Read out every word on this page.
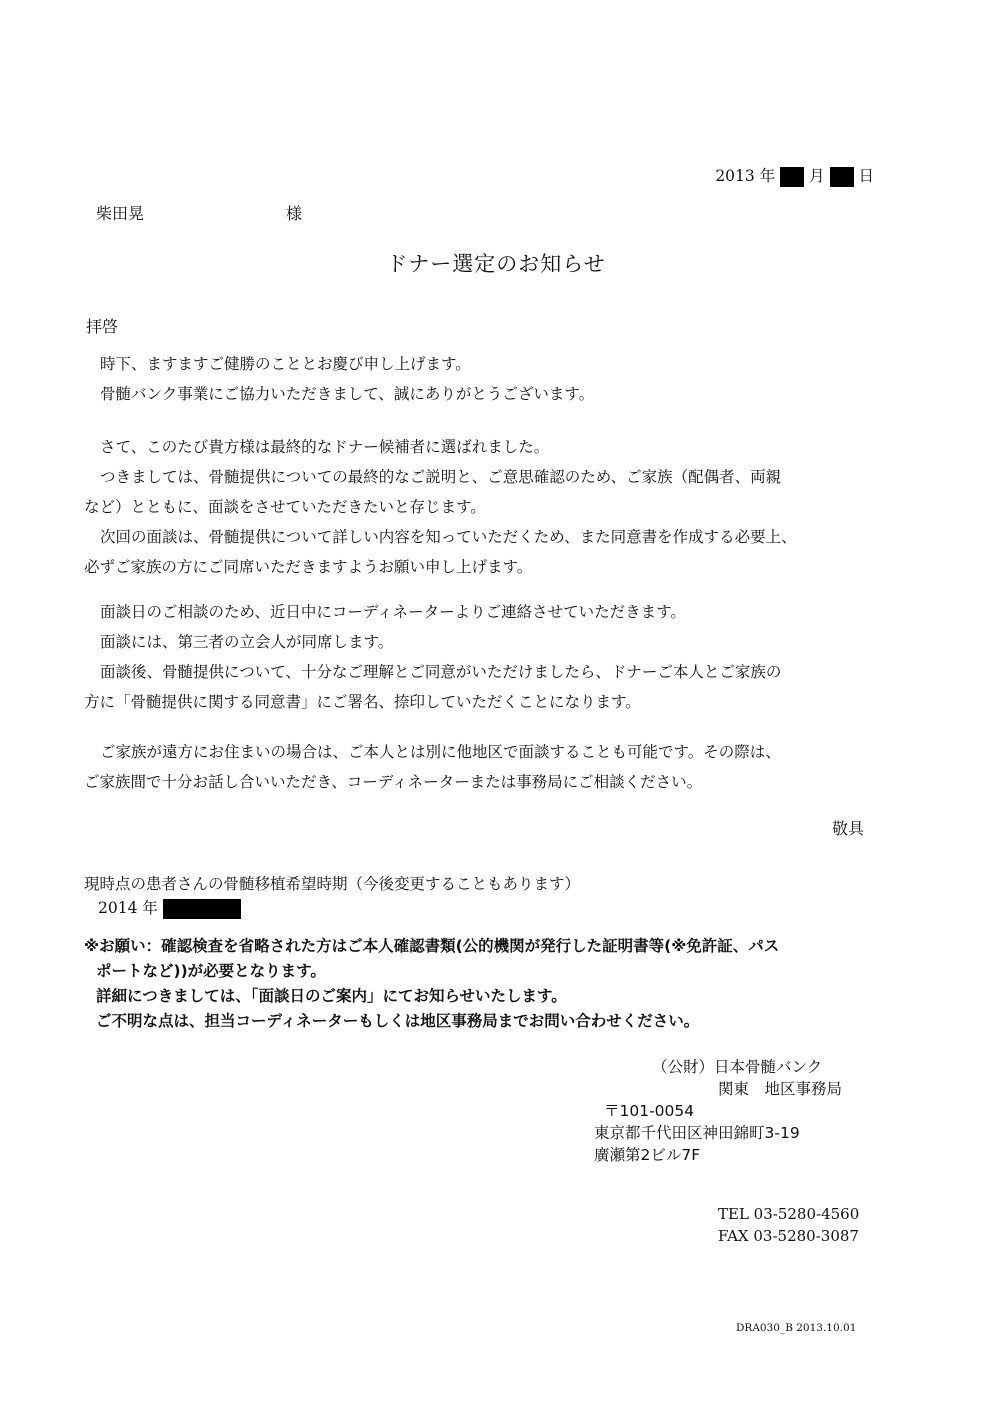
2013 年 月 日
柴田晃	様
ドナー選定のお知らせ
拝啓
時下、ますますご健勝のこととお慶び申し上げます。
骨髄バンク事業にご協力いただきまして、誠にありがとうございます。
さて、このたび貴方様は最終的なドナー候補者に選ばれました。
つきましては、骨髄提供についての最終的なご説明と、ご意思確認のため、ご家族（配偶者、両親
など）とともに、面談をさせていただきたいと存じます。
次回の面談は、骨髄提供について詳しい内容を知っていただくため、また同意書を作成する必要上、
必ずご家族の方にご同席いただきますようお願い申し上げます。
面談日のご相談のため、近日中にコーディネーターよりご連絡させていただきます。
面談には、第三者の立会人が同席します。
面談後、骨髄提供について、十分なご理解とご同意がいただけましたら、ドナーご本人とご家族の
方に「骨髄提供に関する同意書」にご署名、捺印していただくことになります。
ご家族が遠方にお住まいの場合は、ご本人とは別に他地区で面談することも可能です。その際は、
ご家族間で十分お話し合いいただき、コーディネーターまたは事務局にご相談ください。
敬具
現時点の患者さんの骨髄移植希望時期（今後変更することもあります）
2014 年
※お願い：確認検査を省略された方はご本人確認書類(公的機関が発行した証明書等(※免許証、パス
ポートなど))が必要となります。
詳細につきましては、「面談日のご案内」にてお知らせいたします。
ご不明な点は、担当コーディネーターもしくは地区事務局までお問い合わせください。
（公財）日本骨髄バンク
関東　地区事務局
〒101-0054
東京都千代田区神田錦町3-19
廣瀬第2ビル7F
TEL 03-5280-4560
FAX 03-5280-3087
DRA030_B 2013.10.01
